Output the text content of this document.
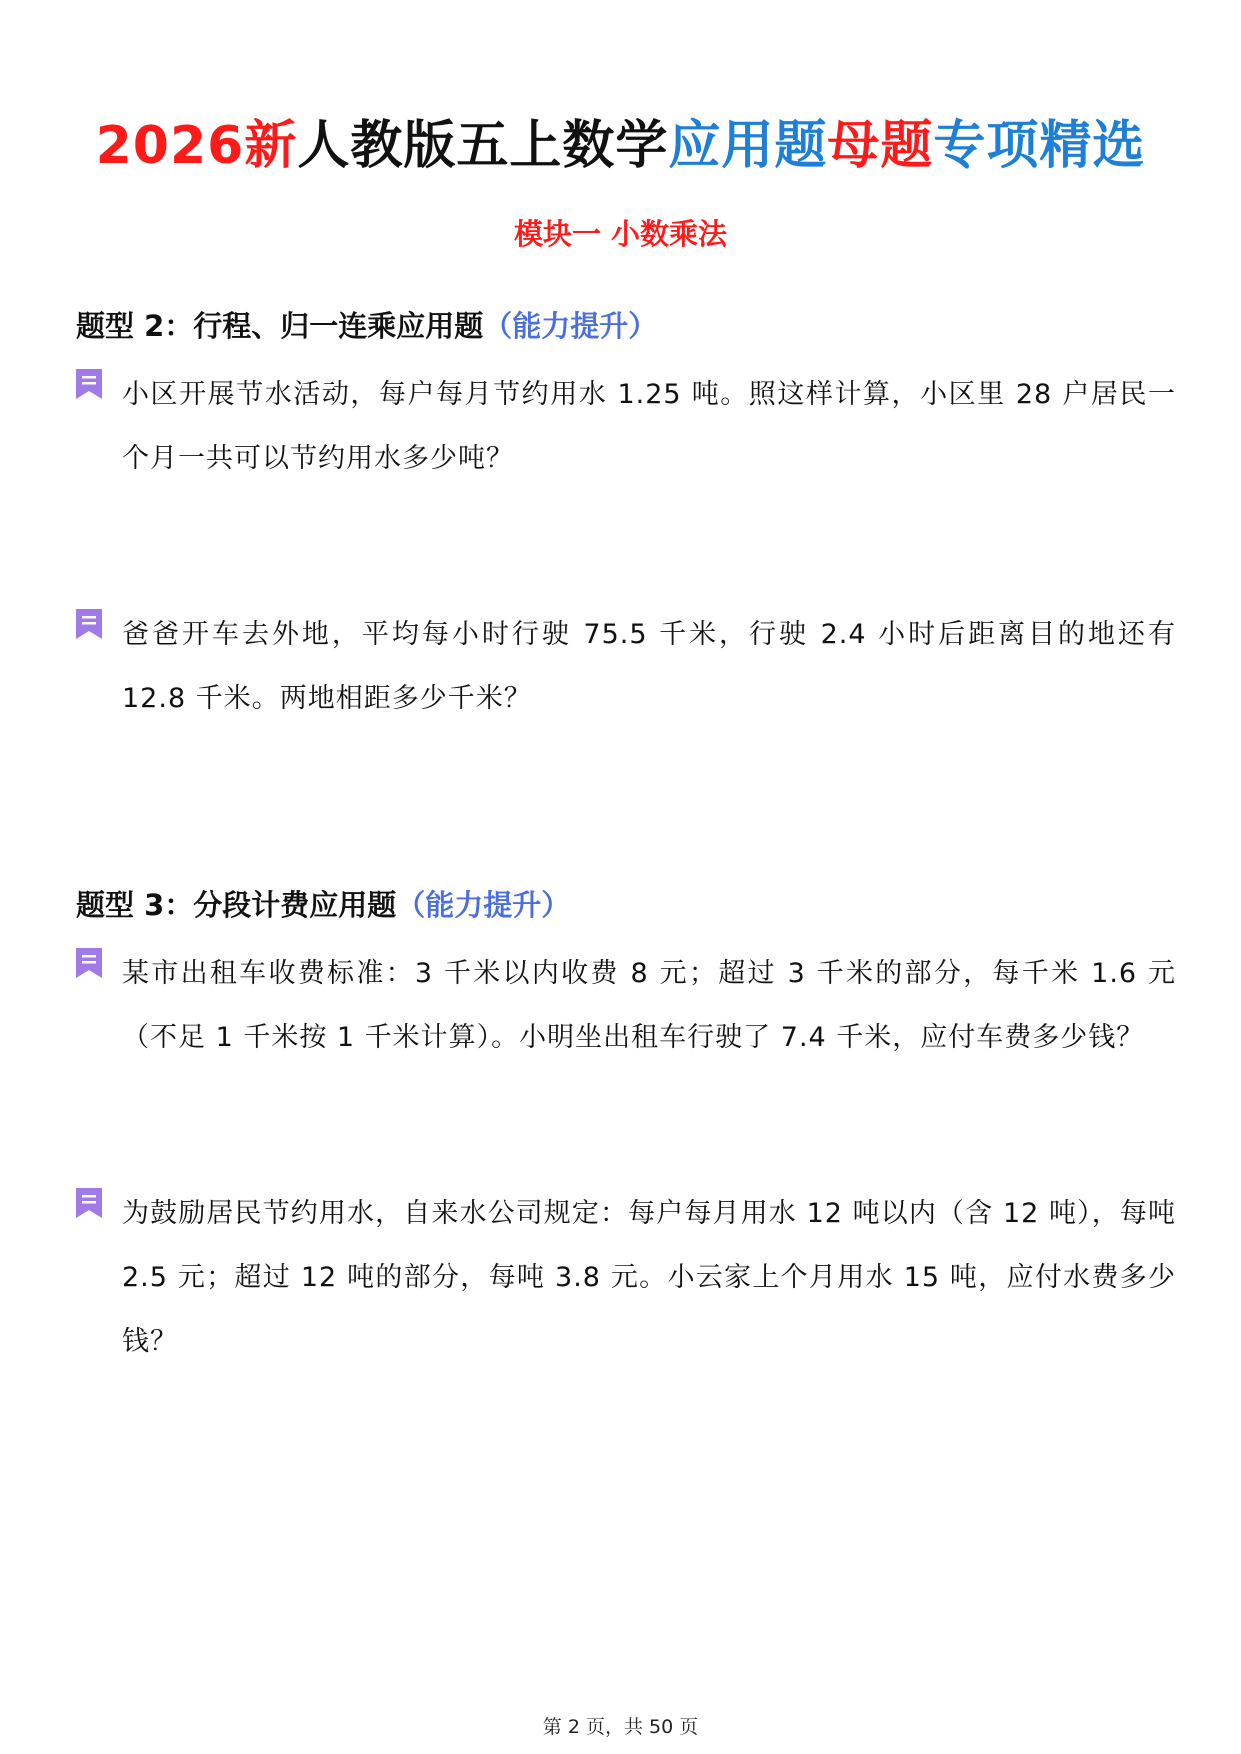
2026新人教版五上数学应用题母题专项精选
模块一 小数乘法
题型 2：行程、归一连乘应用题（能力提升）
小区开展节水活动，每户每月节约用水 1.25 吨。照这样计算，小区里 28 户居民一个月一共可以节约用水多少吨？
爸爸开车去外地，平均每小时行驶 75.5 千米，行驶 2.4 小时后距离目的地还有 12.8 千米。两地相距多少千米？
题型 3：分段计费应用题（能力提升）
某市出租车收费标准：3 千米以内收费 8 元；超过 3 千米的部分，每千米 1.6 元（不足 1 千米按 1 千米计算）。小明坐出租车行驶了 7.4 千米，应付车费多少钱？
为鼓励居民节约用水，自来水公司规定：每户每月用水 12 吨以内（含 12 吨），每吨 2.5 元；超过 12 吨的部分，每吨 3.8 元。小云家上个月用水 15 吨，应付水费多少钱？
第 2 页，共 50 页
